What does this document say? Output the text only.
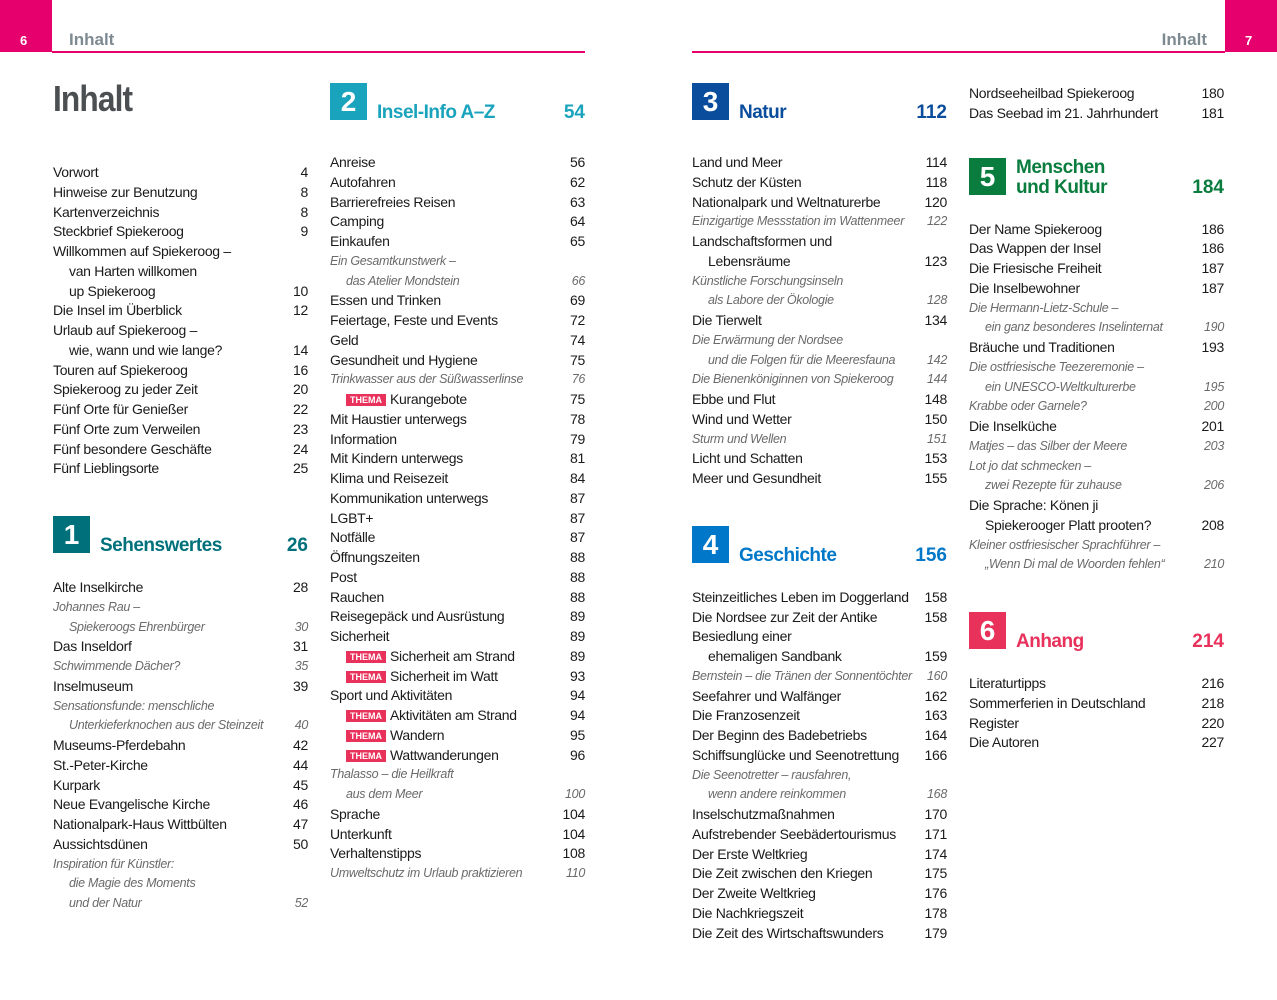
6 Inhalt	7
Inhalt
Inhalt
Vorwort	4
Hinweise zur Benutzung	8
Kartenverzeichnis	8
Steckbrief Spiekeroog	9
Willkommen auf Spiekeroog –
van Harten willkomen
up Spiekeroog	10
Die Insel im Überblick	12
Urlaub auf Spiekeroog –
wie, wann und wie lange?	14
Touren auf Spiekeroog	16
Spiekeroog zu jeder Zeit	20
Fünf Orte für Genießer	22
Fünf Orte zum Verweilen	23
Fünf besondere Geschäfte	24
Fünf Lieblingsorte	25
1	Sehenswertes	26
Alte Inselkirche	28
Johannes Rau –
Spiekeroogs Ehrenbürger	30
Das Inseldorf	31
Schwimmende Dächer?	35
Inselmuseum	39
Sensationsfunde: menschliche
Unterkieferknochen aus der Steinzeit	40
Museums-Pferdebahn	42
St.-Peter-Kirche	44
Kurpark	45
Neue Evangelische Kirche	46
Nationalpark-Haus Wittbülten	47
Aussichtsdünen	50
Inspiration für Künstler:
die Magie des Moments
und der Natur	52
2	Insel-Info A–Z	54
Anreise	56
Autofahren	62
Barrierefreies Reisen	63
Camping	64
Einkaufen	65
Ein Gesamtkunstwerk –
das Atelier Mondstein	66
Essen und Trinken	69
Feiertage, Feste und Events	72
Geld	74
Gesundheit und Hygiene	75
Trinkwasser aus der Süßwasserlinse	76
THEMA Kurangebote	75
Mit Haustier unterwegs	78
Information	79
Mit Kindern unterwegs	81
Klima und Reisezeit	84
Kommunikation unterwegs	87
LGBT+	87
Notfälle	87
Öffnungszeiten	88
Post	88
Rauchen	88
Reisegepäck und Ausrüstung	89
Sicherheit	89
THEMA Sicherheit am Strand	89
THEMA Sicherheit im Watt	93
Sport und Aktivitäten	94
THEMA Aktivitäten am Strand	94
THEMA Wandern	95
THEMA Wattwanderungen	96
Thalasso – die Heilkraft
aus dem Meer	100
Sprache	104
Unterkunft	104
Verhaltenstipps	108
Umweltschutz im Urlaub praktizieren	110
3	Natur	112
Land und Meer	114
Schutz der Küsten	118
Nationalpark und Weltnaturerbe	120
Einzigartige Messstation im Wattenmeer 122
Landschaftsformen und
Lebensräume	123
Künstliche Forschungsinseln
als Labore der Ökologie	128
Die Tierwelt	134
Die Erwärmung der Nordsee
und die Folgen für die Meeresfauna	142
Die Bienenköniginnen von Spiekeroog	144
Ebbe und Flut	148
Wind und Wetter	150
Sturm und Wellen	151
Licht und Schatten	153
Meer und Gesundheit	155
4	Geschichte	156
Steinzeitliches Leben im Doggerland 158
Die Nordsee zur Zeit der Antike	158
Besiedlung einer
ehemaligen Sandbank	159
Bernstein – die Tränen der Sonnentöchter 160
Seefahrer und Walfänger	162
Die Franzosenzeit	163
Der Beginn des Badebetriebs	164
Schiffsunglücke und Seenotrettung 166
Die Seenotretter – rausfahren,
wenn andere reinkommen	168
Inselschutzmaßnahmen	170
Aufstrebender Seebädertourismus 171
Der Erste Weltkrieg	174
Die Zeit zwischen den Kriegen	175
Der Zweite Weltkrieg	176
Die Nachkriegszeit	178
Die Zeit des Wirtschaftswunders	179
Nordseeheilbad Spiekeroog	180
Das Seebad im 21. Jahrhundert	181
5	Menschen
und Kultur	184
Der Name Spiekeroog	186
Das Wappen der Insel	186
Die Friesische Freiheit	187
Die Inselbewohner	187
Die Hermann-Lietz-Schule –
ein ganz besonderes Inselinternat	190
Bräuche und Traditionen	193
Die ostfriesische Teezeremonie –
ein UNESCO-Weltkulturerbe	195
Krabbe oder Garnele?	200
Die Inselküche	201
Matjes – das Silber der Meere	203
Lot jo dat schmecken –
zwei Rezepte für zuhause	206
Die Sprache: Könen ji
Spiekerooger Platt prooten?	208
Kleiner ostfriesischer Sprachführer –
„Wenn Di mal de Woorden fehlen“	210
6	Anhang	214
Literaturtipps	216
Sommerferien in Deutschland	218
Register	220
Die Autoren	227
